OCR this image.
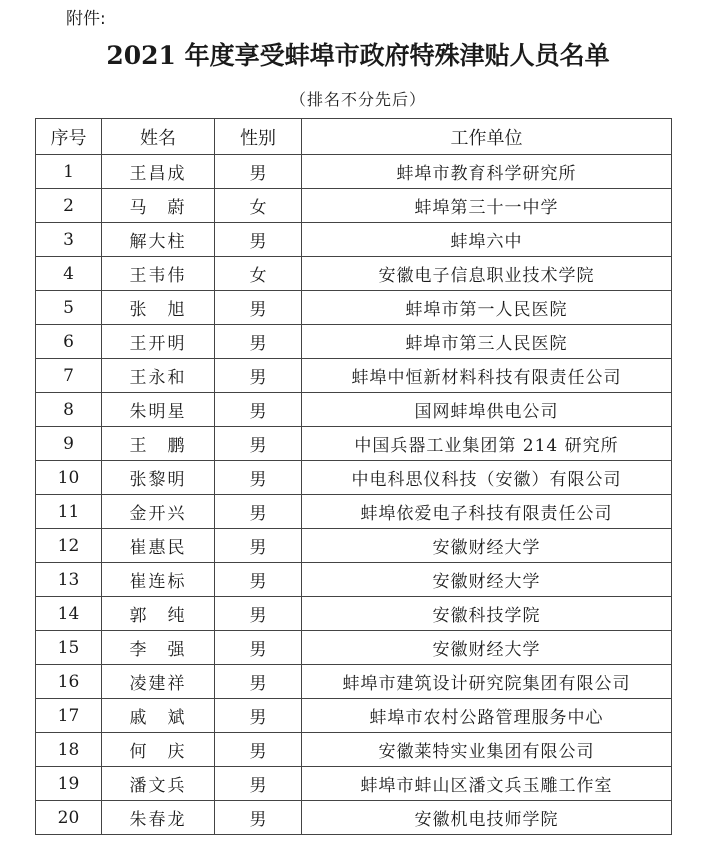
附件:
2021 年度享受蚌埠市政府特殊津贴人员名单
（排名不分先后）
序号	姓名	性别	工作单位
1	王昌成	男	蚌埠市教育科学研究所
2	马　蔚	女	蚌埠第三十一中学
3	解大柱	男	蚌埠六中
4	王韦伟	女	安徽电子信息职业技术学院
5	张　旭	男	蚌埠市第一人民医院
6	王开明	男	蚌埠市第三人民医院
7	王永和	男	蚌埠中恒新材料科技有限责任公司
8	朱明星	男	国网蚌埠供电公司
9	王　鹏	男	中国兵器工业集团第 214 研究所
10	张黎明	男	中电科思仪科技（安徽）有限公司
11	金开兴	男	蚌埠依爱电子科技有限责任公司
12	崔惠民	男	安徽财经大学
13	崔连标	男	安徽财经大学
14	郭　纯	男	安徽科技学院
15	李　强	男	安徽财经大学
16	凌建祥	男	蚌埠市建筑设计研究院集团有限公司
17	戚　斌	男	蚌埠市农村公路管理服务中心
18	何　庆	男	安徽莱特实业集团有限公司
19	潘文兵	男	蚌埠市蚌山区潘文兵玉雕工作室
20	朱春龙	男	安徽机电技师学院
